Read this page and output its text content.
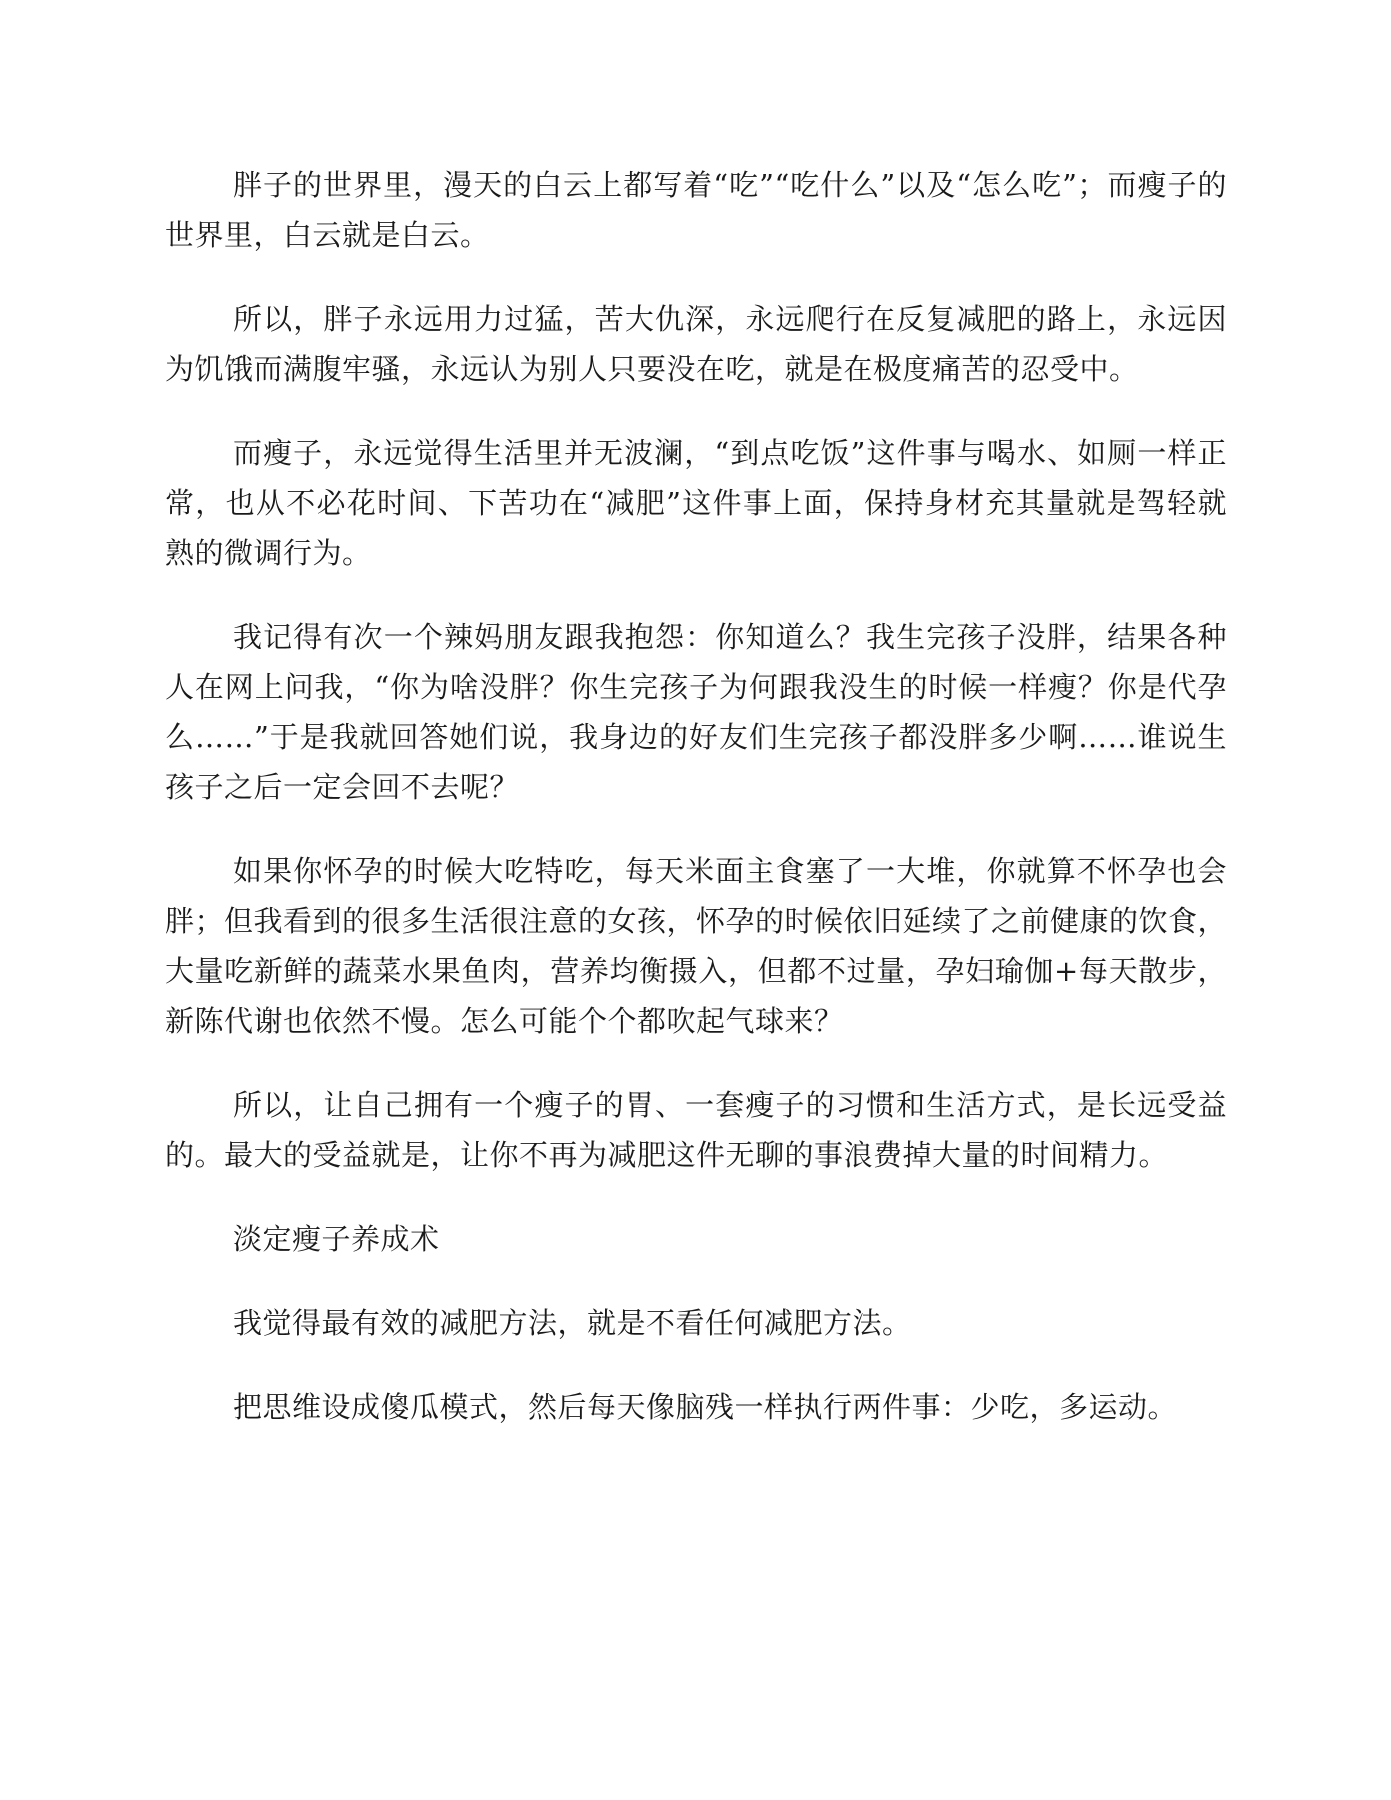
胖子的世界里，漫天的白云上都写着“吃”“吃什么”以及“怎么吃”；而瘦子的世界里，白云就是白云。

所以，胖子永远用力过猛，苦大仇深，永远爬行在反复减肥的路上，永远因为饥饿而满腹牢骚，永远认为别人只要没在吃，就是在极度痛苦的忍受中。

而瘦子，永远觉得生活里并无波澜，“到点吃饭”这件事与喝水、如厕一样正常，也从不必花时间、下苦功在“减肥”这件事上面，保持身材充其量就是驾轻就熟的微调行为。

我记得有次一个辣妈朋友跟我抱怨：你知道么？我生完孩子没胖，结果各种人在网上问我，“你为啥没胖？你生完孩子为何跟我没生的时候一样瘦？你是代孕么……”于是我就回答她们说，我身边的好友们生完孩子都没胖多少啊……谁说生孩子之后一定会回不去呢？

如果你怀孕的时候大吃特吃，每天米面主食塞了一大堆，你就算不怀孕也会胖；但我看到的很多生活很注意的女孩，怀孕的时候依旧延续了之前健康的饮食，大量吃新鲜的蔬菜水果鱼肉，营养均衡摄入，但都不过量，孕妇瑜伽+每天散步，新陈代谢也依然不慢。怎么可能个个都吹起气球来？

所以，让自己拥有一个瘦子的胃、一套瘦子的习惯和生活方式，是长远受益的。最大的受益就是，让你不再为减肥这件无聊的事浪费掉大量的时间精力。

淡定瘦子养成术

我觉得最有效的减肥方法，就是不看任何减肥方法。

把思维设成傻瓜模式，然后每天像脑残一样执行两件事：少吃，多运动。
